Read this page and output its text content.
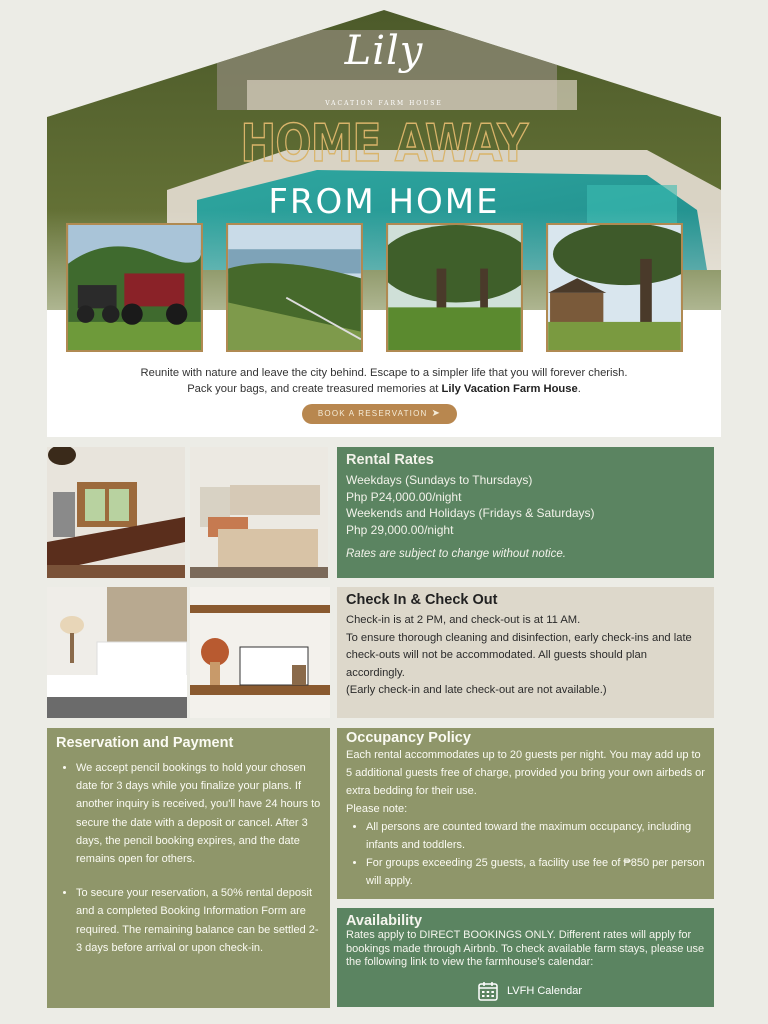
Lily
VACATION FARM HOUSE
HOME AWAY
FROM HOME
Reunite with nature and leave the city behind. Escape to a simpler life that you will forever cherish.
Pack your bags, and create treasured memories at Lily Vacation Farm House.
BOOK A RESERVATION ➤
Rental Rates

Weekdays (Sundays to Thursdays)

Php P24,000.00/night

Weekends and Holidays (Fridays & Saturdays)

Php 29,000.00/night

Rates are subject to change without notice.

Check In & Check Out

Check-in is at 2 PM, and check-out is at 11 AM.

To ensure thorough cleaning and disinfection, early check-ins and late check-outs will not be accommodated. All guests should plan accordingly.

(Early check-in and late check-out are not available.)

Reservation and Payment
• We accept pencil bookings to hold your chosen date for 3 days while you finalize your plans. If another inquiry is received, you'll have 24 hours to secure the date with a deposit or cancel. After 3 days, the pencil booking expires, and the date remains open for others.
• To secure your reservation, a 50% rental deposit and a completed Booking Information Form are required. The remaining balance can be settled 2-3 days before arrival or upon check-in.
Occupancy Policy

Each rental accommodates up to 20 guests per night. You may add up to 5 additional guests free of charge, provided you bring your own airbeds or extra bedding for their use.

Please note:

• All persons are counted toward the maximum occupancy, including infants and toddlers.
• For groups exceeding 25 guests, a facility use fee of ₱850 per person will apply.
Availability

Rates apply to DIRECT BOOKINGS ONLY. Different rates will apply for bookings made through Airbnb. To check available farm stays, please use the following link to view the farmhouse's calendar:

LVFH Calendar
